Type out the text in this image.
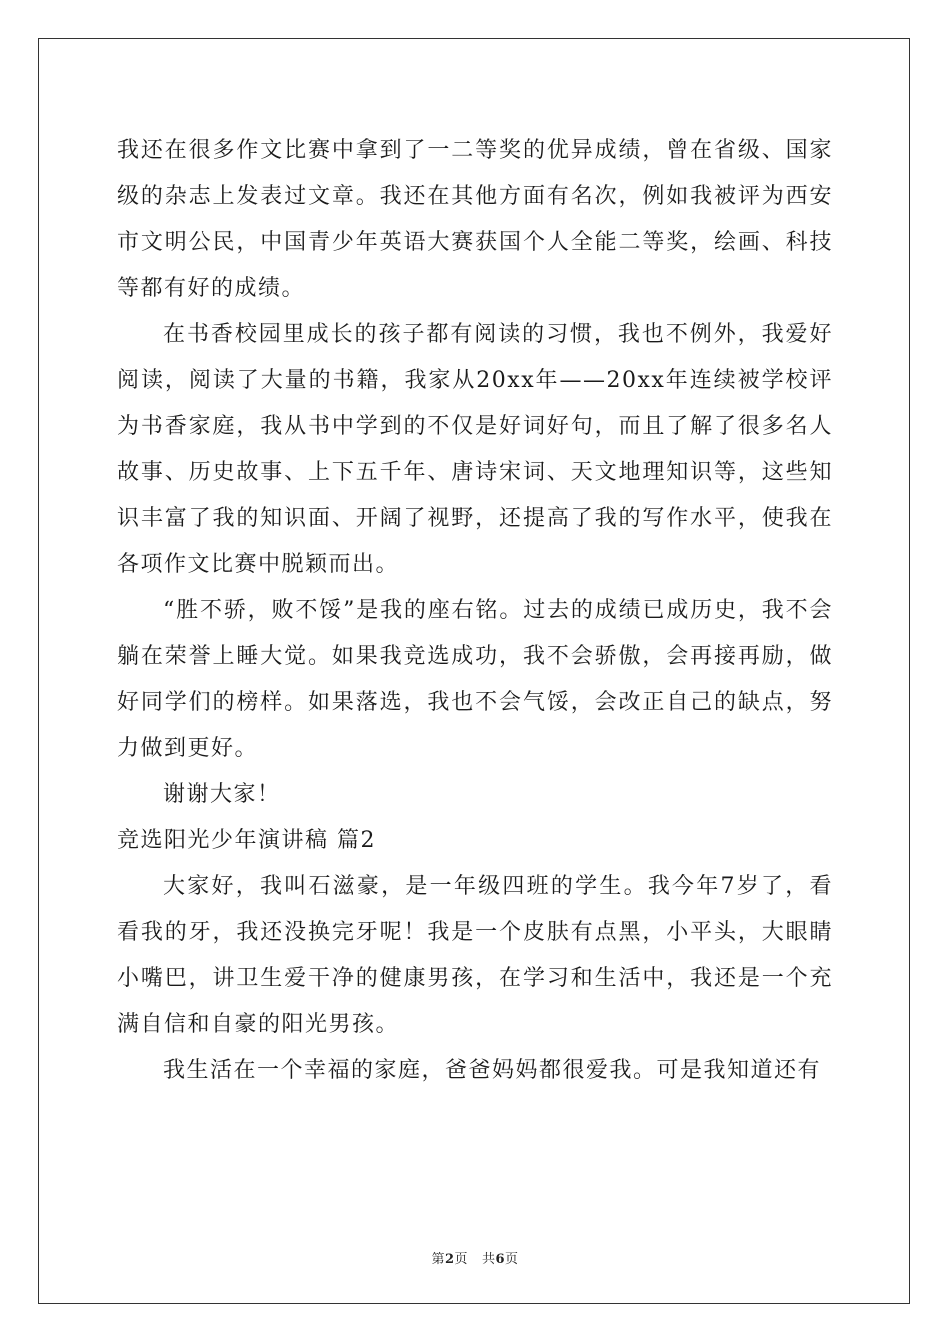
我还在很多作文比赛中拿到了一二等奖的优异成绩，曾在省级、国家级的杂志上发表过文章。我还在其他方面有名次，例如我被评为西安市文明公民，中国青少年英语大赛获国个人全能二等奖，绘画、科技等都有好的成绩。

在书香校园里成长的孩子都有阅读的习惯，我也不例外，我爱好阅读，阅读了大量的书籍，我家从20xx年——20xx年连续被学校评为书香家庭，我从书中学到的不仅是好词好句，而且了解了很多名人故事、历史故事、上下五千年、唐诗宋词、天文地理知识等，这些知识丰富了我的知识面、开阔了视野，还提高了我的写作水平，使我在各项作文比赛中脱颖而出。

“胜不骄，败不馁”是我的座右铭。过去的成绩已成历史，我不会躺在荣誉上睡大觉。如果我竞选成功，我不会骄傲，会再接再励，做好同学们的榜样。如果落选，我也不会气馁，会改正自己的缺点，努力做到更好。

谢谢大家！

竞选阳光少年演讲稿 篇2

大家好，我叫石滋豪，是一年级四班的学生。我今年7岁了，看看我的牙，我还没换完牙呢！我是一个皮肤有点黑，小平头，大眼睛小嘴巴，讲卫生爱干净的健康男孩，在学习和生活中，我还是一个充满自信和自豪的阳光男孩。

我生活在一个幸福的家庭，爸爸妈妈都很爱我。可是我知道还有

第2页 共6页
